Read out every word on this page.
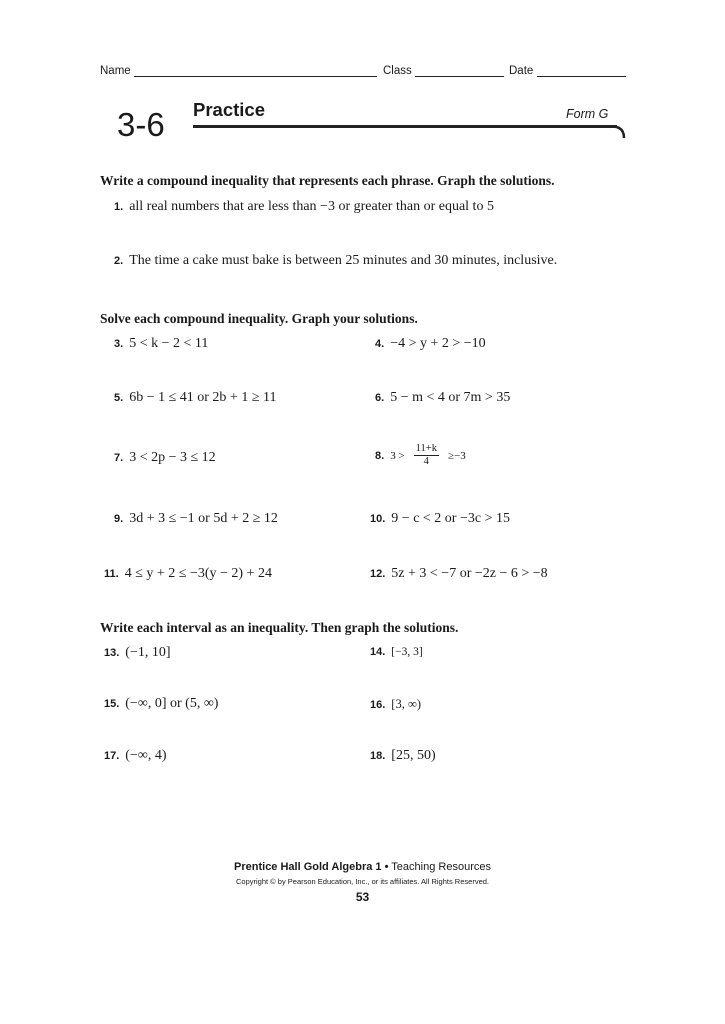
Name	Class	Date
3-6 Practice	Form G
Write a compound inequality that represents each phrase. Graph the solutions.
1. all real numbers that are less than −3 or greater than or equal to 5
2. The time a cake must bake is between 25 minutes and 30 minutes, inclusive.
Solve each compound inequality. Graph your solutions.
3. 5 < k − 2 < 11	4. −4 > y + 2 > −10
5. 6b − 1 ≤ 41 or 2b + 1 ≥ 11	6. 5 − m < 4 or 7m > 35
7. 3 < 2p − 3 ≤ 12	8. $3 > \frac{11+k}{4} \ge-3$
9. 3d + 3 ≤ −1 or 5d + 2 ≥ 12	10. 9 − c < 2 or −3c > 15
11. 4 ≤ y + 2 ≤ −3(y − 2) + 24	12. 5z + 3 < −7 or −2z − 6 > −8
Write each interval as an inequality. Then graph the solutions.
13. (−1, 10]	14. [−3, 3]
15. (−∞, 0] or (5, ∞)	16. [3, ∞)
17. (−∞, 4)	18. [25, 50)
Prentice Hall Gold Algebra 1 • Teaching Resources
Copyright © by Pearson Education, Inc., or its affiliates. All Rights Reserved.
53
